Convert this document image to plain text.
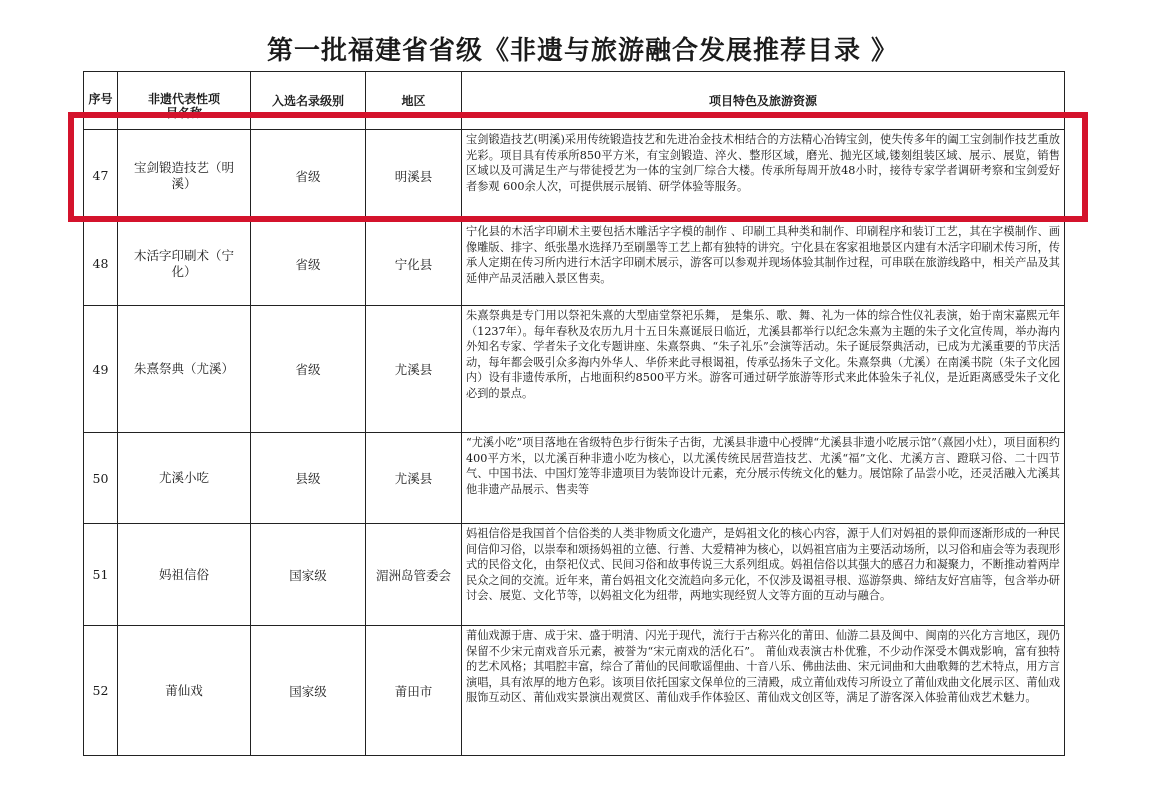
第一批福建省省级《非遗与旅游融合发展推荐目录 》
序号	非遗代表性项目名称	入选名录级别	地区	项目特色及旅游资源
47	宝剑锻造技艺（明溪）	省级	明溪县	宝剑锻造技艺(明溪)采用传统锻造技艺和先进冶金技术相结合的方法精心冶铸宝剑，使失传多年的阖工宝剑制作技艺重放光彩。项目具有传承所850平方米，有宝剑锻造、淬火、整形区域，磨光、抛光区域,镂刻组装区域、展示、展览，销售区域以及可满足生产与带徒授艺为一体的宝剑厂综合大楼。传承所每周开放48小时，接待专家学者调研考察和宝剑爱好者参观 600余人次，可提供展示展销、研学体验等服务。
48	木活字印刷术（宁化）	省级	宁化县	宁化县的木活字印刷术主要包括木雕活字字模的制作 、印刷工具种类和制作、印刷程序和装订工艺，其在字模制作、画像雕版、排字、纸张墨水选择乃至刷墨等工艺上都有独特的讲究。宁化县在客家祖地景区内建有木活字印刷术传习所，传承人定期在传习所内进行木活字印刷术展示，游客可以参观并现场体验其制作过程，可串联在旅游线路中，相关产品及其延伸产品灵活融入景区售卖。
49	朱熹祭典（尤溪）	省级	尤溪县	朱熹祭典是专门用以祭祀朱熹的大型庙堂祭祀乐舞， 是集乐、歌、舞、礼为一体的综合性仪礼表演，始于南宋嘉熙元年（1237年）。每年春秋及农历九月十五日朱熹诞辰日临近，尤溪县都举行以纪念朱熹为主题的朱子文化宣传周，举办海内外知名专家、学者朱子文化专题讲座、朱熹祭典、“朱子礼乐”会演等活动。朱子诞辰祭典活动，已成为尤溪重要的节庆活动，每年都会吸引众多海内外华人、华侨来此寻根谒祖，传承弘扬朱子文化。朱熹祭典（尤溪）在南溪书院（朱子文化园内）设有非遗传承所，占地面积约8500平方米。游客可通过研学旅游等形式来此体验朱子礼仪，是近距离感受朱子文化必到的景点。
50	尤溪小吃	县级	尤溪县	“尤溪小吃”项目落地在省级特色步行街朱子古街，尤溪县非遗中心授牌“尤溪县非遗小吃展示馆”（熹园小灶），项目面积约400平方米，以尤溪百种非遗小吃为核心，以尤溪传统民居营造技艺、尤溪“福”文化、尤溪方言、蹬联习俗、二十四节气、中国书法、中国灯笼等非遗项目为装饰设计元素，充分展示传统文化的魅力。展馆除了品尝小吃，还灵活融入尤溪其他非遗产品展示、售卖等
51	妈祖信俗	国家级	湄洲岛管委会	妈祖信俗是我国首个信俗类的人类非物质文化遗产，是妈祖文化的核心内容，源于人们对妈祖的景仰而逐渐形成的一种民间信仰习俗，以崇奉和颂扬妈祖的立德、行善、大爱精神为核心，以妈祖宫庙为主要活动场所，以习俗和庙会等为表现形式的民俗文化，由祭祀仪式、民间习俗和故事传说三大系列组成。妈祖信俗以其强大的感召力和凝聚力，不断推动着两岸民众之间的交流。近年来，莆台妈祖文化交流趋向多元化，不仅涉及谒祖寻根、巡游祭典、缔结友好宫庙等，包含举办研讨会、展览、文化节等，以妈祖文化为纽带，两地实现经贸人文等方面的互动与融合。
52	莆仙戏	国家级	莆田市	莆仙戏源于唐、成于宋、盛于明清、闪光于现代，流行于古称兴化的莆田、仙游二县及闽中、闽南的兴化方言地区，现仍保留不少宋元南戏音乐元素，被誉为“宋元南戏的活化石”。 莆仙戏表演古朴优雅，不少动作深受木偶戏影响，富有独特的艺术风格；其唱腔丰富，综合了莆仙的民间歌谣俚曲、十音八乐、佛曲法曲、宋元词曲和大曲歌舞的艺术特点，用方言演唱，具有浓厚的地方色彩。该项目依托国家文保单位的三清殿，成立莆仙戏传习所设立了莆仙戏曲文化展示区、莆仙戏服饰互动区、莆仙戏实景演出观赏区、莆仙戏手作体验区、莆仙戏文创区等，满足了游客深入体验莆仙戏艺术魅力。
